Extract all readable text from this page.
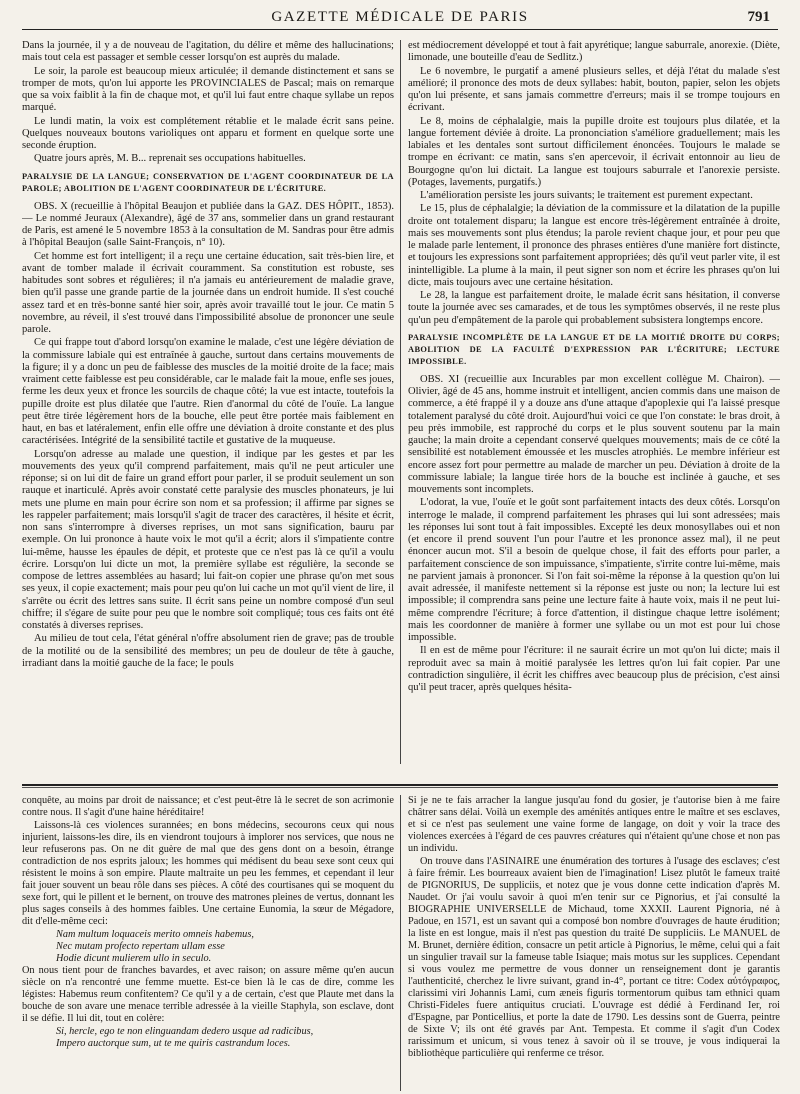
GAZETTE MÉDICALE DE PARIS	791

Dans la journée, il y a de nouveau de l'agitation, du délire et même des hallucinations; mais tout cela est passager et semble cesser lorsqu'on est auprès du malade.

Le soir, la parole est beaucoup mieux articulée; il demande distinctement et sans se tromper de mots, qu'on lui apporte les PROVINCIALES de Pascal; mais on remarque que sa voix faiblit à la fin de chaque mot, et qu'il lui faut entre chaque syllabe un repos marqué.

Le lundi matin, la voix est complétement rétablie et le malade écrit sans peine. Quelques nouveaux boutons varioliques ont apparu et forment en quelque sorte une seconde éruption.

Quatre jours après, M. B... reprenait ses occupations habituelles.

PARALYSIE DE LA LANGUE; CONSERVATION DE L'AGENT COORDINATEUR DE LA PAROLE; ABOLITION DE L'AGENT COORDINATEUR DE L'ÉCRITURE.

OBS. X (recueillie à l'hôpital Beaujon et publiée dans la GAZ. DES HÔPIT., 1853). — Le nommé Jeuraux (Alexandre), âgé de 37 ans, sommelier dans un grand restaurant de Paris, est amené le 5 novembre 1853 à la consultation de M. Sandras pour être admis à l'hôpital Beaujon (salle Saint-François, n° 10).

Cet homme est fort intelligent; il a reçu une certaine éducation, sait très-bien lire, et avant de tomber malade il écrivait couramment. Sa constitution est robuste, ses habitudes sont sobres et régulières; il n'a jamais eu antérieurement de maladie grave, bien qu'il passe une grande partie de la journée dans un endroit humide. Il s'est couché assez tard et en très-bonne santé hier soir, après avoir travaillé tout le jour. Ce matin 5 novembre, au réveil, il s'est trouvé dans l'impossibilité absolue de prononcer une seule parole.

Ce qui frappe tout d'abord lorsqu'on examine le malade, c'est une légère déviation de la commissure labiale qui est entraînée à gauche, surtout dans certains mouvements de la figure; il y a donc un peu de faiblesse des muscles de la moitié droite de la face; mais vraiment cette faiblesse est peu considérable, car le malade fait la moue, enfle ses joues, ferme les deux yeux et fronce les sourcils de chaque côté; la vue est intacte, toutefois la pupille droite est plus dilatée que l'autre. Rien d'anormal du côté de l'ouïe. La langue peut être tirée légèrement hors de la bouche, elle peut être portée mais faiblement en haut, en bas et latéralement, enfin elle offre une déviation à droite constante et des plus caractérisées. Intégrité de la sensibilité tactile et gustative de la muqueuse.

Lorsqu'on adresse au malade une question, il indique par les gestes et par les mouvements des yeux qu'il comprend parfaitement, mais qu'il ne peut articuler une réponse; si on lui dit de faire un grand effort pour parler, il se produit seulement un son rauque et inarticulé. Après avoir constaté cette paralysie des muscles phonateurs, je lui mets une plume en main pour écrire son nom et sa profession; il affirme par signes se les rappeler parfaitement; mais lorsqu'il s'agit de tracer des caractères, il hésite et écrit, non sans s'interrompre à diverses reprises, un mot sans signification, bauru par exemple. On lui prononce à haute voix le mot qu'il a écrit; alors il s'impatiente contre lui-même, hausse les épaules de dépit, et proteste que ce n'est pas là ce qu'il a voulu écrire. Lorsqu'on lui dicte un mot, la première syllabe est régulière, la seconde se compose de lettres assemblées au hasard; lui fait-on copier une phrase qu'on met sous ses yeux, il copie exactement; mais pour peu qu'on lui cache un mot qu'il vient de lire, il s'arrête ou écrit des lettres sans suite. Il écrit sans peine un nombre composé d'un seul chiffre; il s'égare de suite pour peu que le nombre soit compliqué; tous ces faits ont été constatés à diverses reprises.

Au milieu de tout cela, l'état général n'offre absolument rien de grave; pas de trouble de la motilité ou de la sensibilité des membres; un peu de douleur de tête à gauche, irradiant dans la moitié gauche de la face; le pouls

est médiocrement développé et tout à fait apyrétique; langue saburrale, anorexie. (Diète, limonade, une bouteille d'eau de Sedlitz.)

Le 6 novembre, le purgatif a amené plusieurs selles, et déjà l'état du malade s'est amélioré; il prononce des mots de deux syllabes: habit, bouton, papier, selon les objets qu'on lui présente, et sans jamais commettre d'erreurs; mais il se trompe toujours en écrivant.

Le 8, moins de céphalalgie, mais la pupille droite est toujours plus dilatée, et la langue fortement déviée à droite. La prononciation s'améliore graduellement; mais les labiales et les dentales sont surtout difficilement énoncées. Toujours le malade se trompe en écrivant: ce matin, sans s'en apercevoir, il écrivait entonnoir au lieu de Bourgogne qu'on lui dictait. La langue est toujours saburrale et l'anorexie persiste. (Potages, lavements, purgatifs.)

L'amélioration persiste les jours suivants; le traitement est purement expectant.

Le 15, plus de céphalalgie; la déviation de la commissure et la dilatation de la pupille droite ont totalement disparu; la langue est encore très-légèrement entraînée à droite, mais ses mouvements sont plus étendus; la parole revient chaque jour, et pour peu que le malade parle lentement, il prononce des phrases entières d'une manière fort distincte, et toujours les expressions sont parfaitement appropriées; dès qu'il veut parler vite, il est inintelligible. La plume à la main, il peut signer son nom et écrire les phrases qu'on lui dicte, mais toujours avec une certaine hésitation.

Le 28, la langue est parfaitement droite, le malade écrit sans hésitation, il converse toute la journée avec ses camarades, et de tous les symptômes observés, il ne reste plus qu'un peu d'empâtement de la parole qui probablement subsistera longtemps encore.

PARALYSIE INCOMPLÈTE DE LA LANGUE ET DE LA MOITIÉ DROITE DU CORPS; ABOLITION DE LA FACULTÉ D'EXPRESSION PAR L'ÉCRITURE; LECTURE IMPOSSIBLE.

OBS. XI (recueillie aux Incurables par mon excellent collègue M. Chairon). — Olivier, âgé de 45 ans, homme instruit et intelligent, ancien commis dans une maison de commerce, a été frappé il y a douze ans d'une attaque d'apoplexie qui l'a laissé presque totalement paralysé du côté droit. Aujourd'hui voici ce que l'on constate: le bras droit, à peu près immobile, est rapproché du corps et le plus souvent soutenu par la main gauche; la main droite a cependant conservé quelques mouvements; mais de ce côté la sensibilité est notablement émoussée et les muscles atrophiés. Le membre inférieur est encore assez fort pour permettre au malade de marcher un peu. Déviation à droite de la commissure labiale; la langue tirée hors de la bouche est inclinée à gauche, et ses mouvements sont incomplets.

L'odorat, la vue, l'ouïe et le goût sont parfaitement intacts des deux côtés. Lorsqu'on interroge le malade, il comprend parfaitement les phrases qui lui sont adressées; mais les réponses lui sont tout à fait impossibles. Excepté les deux monosyllabes oui et non (et encore il prend souvent l'un pour l'autre et les prononce assez mal), il ne peut énoncer aucun mot. S'il a besoin de quelque chose, il fait des efforts pour parler, a parfaitement conscience de son impuissance, s'impatiente, s'irrite contre lui-même, mais ne parvient jamais à prononcer. Si l'on fait soi-même la réponse à la question qu'on lui avait adressée, il manifeste nettement si la réponse est juste ou non; la lecture lui est impossible; il comprendra sans peine une lecture faite à haute voix, mais il ne peut lui-même comprendre l'écriture; à force d'attention, il distingue chaque lettre isolément; mais les coordonner de manière à former une syllabe ou un mot est pour lui chose impossible.

Il en est de même pour l'écriture: il ne saurait écrire un mot qu'on lui dicte; mais il reproduit avec sa main à moitié paralysée les lettres qu'on lui fait copier. Par une contradiction singulière, il écrit les chiffres avec beaucoup plus de précision, c'est ainsi qu'il peut tracer, après quelques hésita-

conquête, au moins par droit de naissance; et c'est peut-être là le secret de son acrimonie contre nous. Il s'agit d'une haine héréditaire!

Laissons-là ces violences surannées; en bons médecins, secourons ceux qui nous injurient, laissons-les dire, ils en viendront toujours à implorer nos services, que nous ne leur refuserons pas. On ne dit guère de mal que des gens dont on a besoin, étrange contradiction de nos esprits jaloux; les hommes qui médisent du beau sexe sont ceux qui résistent le moins à son empire. Plaute maltraite un peu les femmes, et cependant il leur fait jouer souvent un beau rôle dans ses pièces. A côté des courtisanes qui se moquent du sexe fort, qui le pillent et le bernent, on trouve des matrones pleines de vertus, donnant les plus sages conseils à des hommes faibles. Une certaine Eunomia, la sœur de Mégadore, dit d'elle-même ceci:

Nam multum loquaceis merito omneis habemus,

Nec mutam profecto repertam ullam esse

Hodie dicunt mulierem ullo in seculo.

On nous tient pour de franches bavardes, et avec raison; on assure même qu'en aucun siècle on n'a rencontré une femme muette. Est-ce bien là le cas de dire, comme les légistes: Habemus reum confitentem? Ce qu'il y a de certain, c'est que Plaute met dans la bouche de son avare une menace terrible adressée à la vieille Staphyla, son esclave, dont il se défie. Il lui dit, tout en colère:

Si, hercle, ego te non elinguandam dedero usque ad radicibus,

Impero auctorque sum, ut te me quiris castrandum loces.

Si je ne te fais arracher la langue jusqu'au fond du gosier, je t'autorise bien à me faire châtrer sans délai. Voilà un exemple des aménités antiques entre le maître et ses esclaves, et si ce n'est pas seulement une vaine forme de langage, on doit y voir la trace des violences exercées à l'égard de ces pauvres créatures qui n'étaient qu'une chose et non pas un individu.

On trouve dans l'ASINAIRE une énumération des tortures à l'usage des esclaves; c'est à faire frémir. Les bourreaux avaient bien de l'imagination! Lisez plutôt le fameux traité de PIGNORIUS, De suppliciis, et notez que je vous donne cette indication d'après M. Naudet. Or j'ai voulu savoir à quoi m'en tenir sur ce Pignorius, et j'ai consulté la BIOGRAPHIE UNIVERSELLE de Michaud, tome XXXII. Laurent Pignoria, né à Padoue, en 1571, est un savant qui a composé bon nombre d'ouvrages de haute érudition; la liste en est longue, mais il n'est pas question du traité De suppliciis. Le MANUEL de M. Brunet, dernière édition, consacre un petit article à Pignorius, le même, celui qui a fait un singulier travail sur la fameuse table Isiaque; mais motus sur les supplices. Cependant si vous voulez me permettre de vous donner un renseignement dont je garantis l'authenticité, cherchez le livre suivant, grand in-4°, portant ce titre: Codex αὐτόγραφος, clarissimi viri Johannis Lami, cum æneis figuris tormentorum quibus tam ethnici quam Christi-Fideles fuere antiquitus cruciati. L'ouvrage est dédié à Ferdinand Ier, roi d'Espagne, par Ponticellius, et porte la date de 1790. Les dessins sont de Guerra, peintre de Sixte V; ils ont été gravés par Ant. Tempesta. Et comme il s'agit d'un Codex rarissimum et unicum, si vous tenez à savoir où il se trouve, je vous indiquerai la bibliothèque particulière qui renferme ce trésor.
